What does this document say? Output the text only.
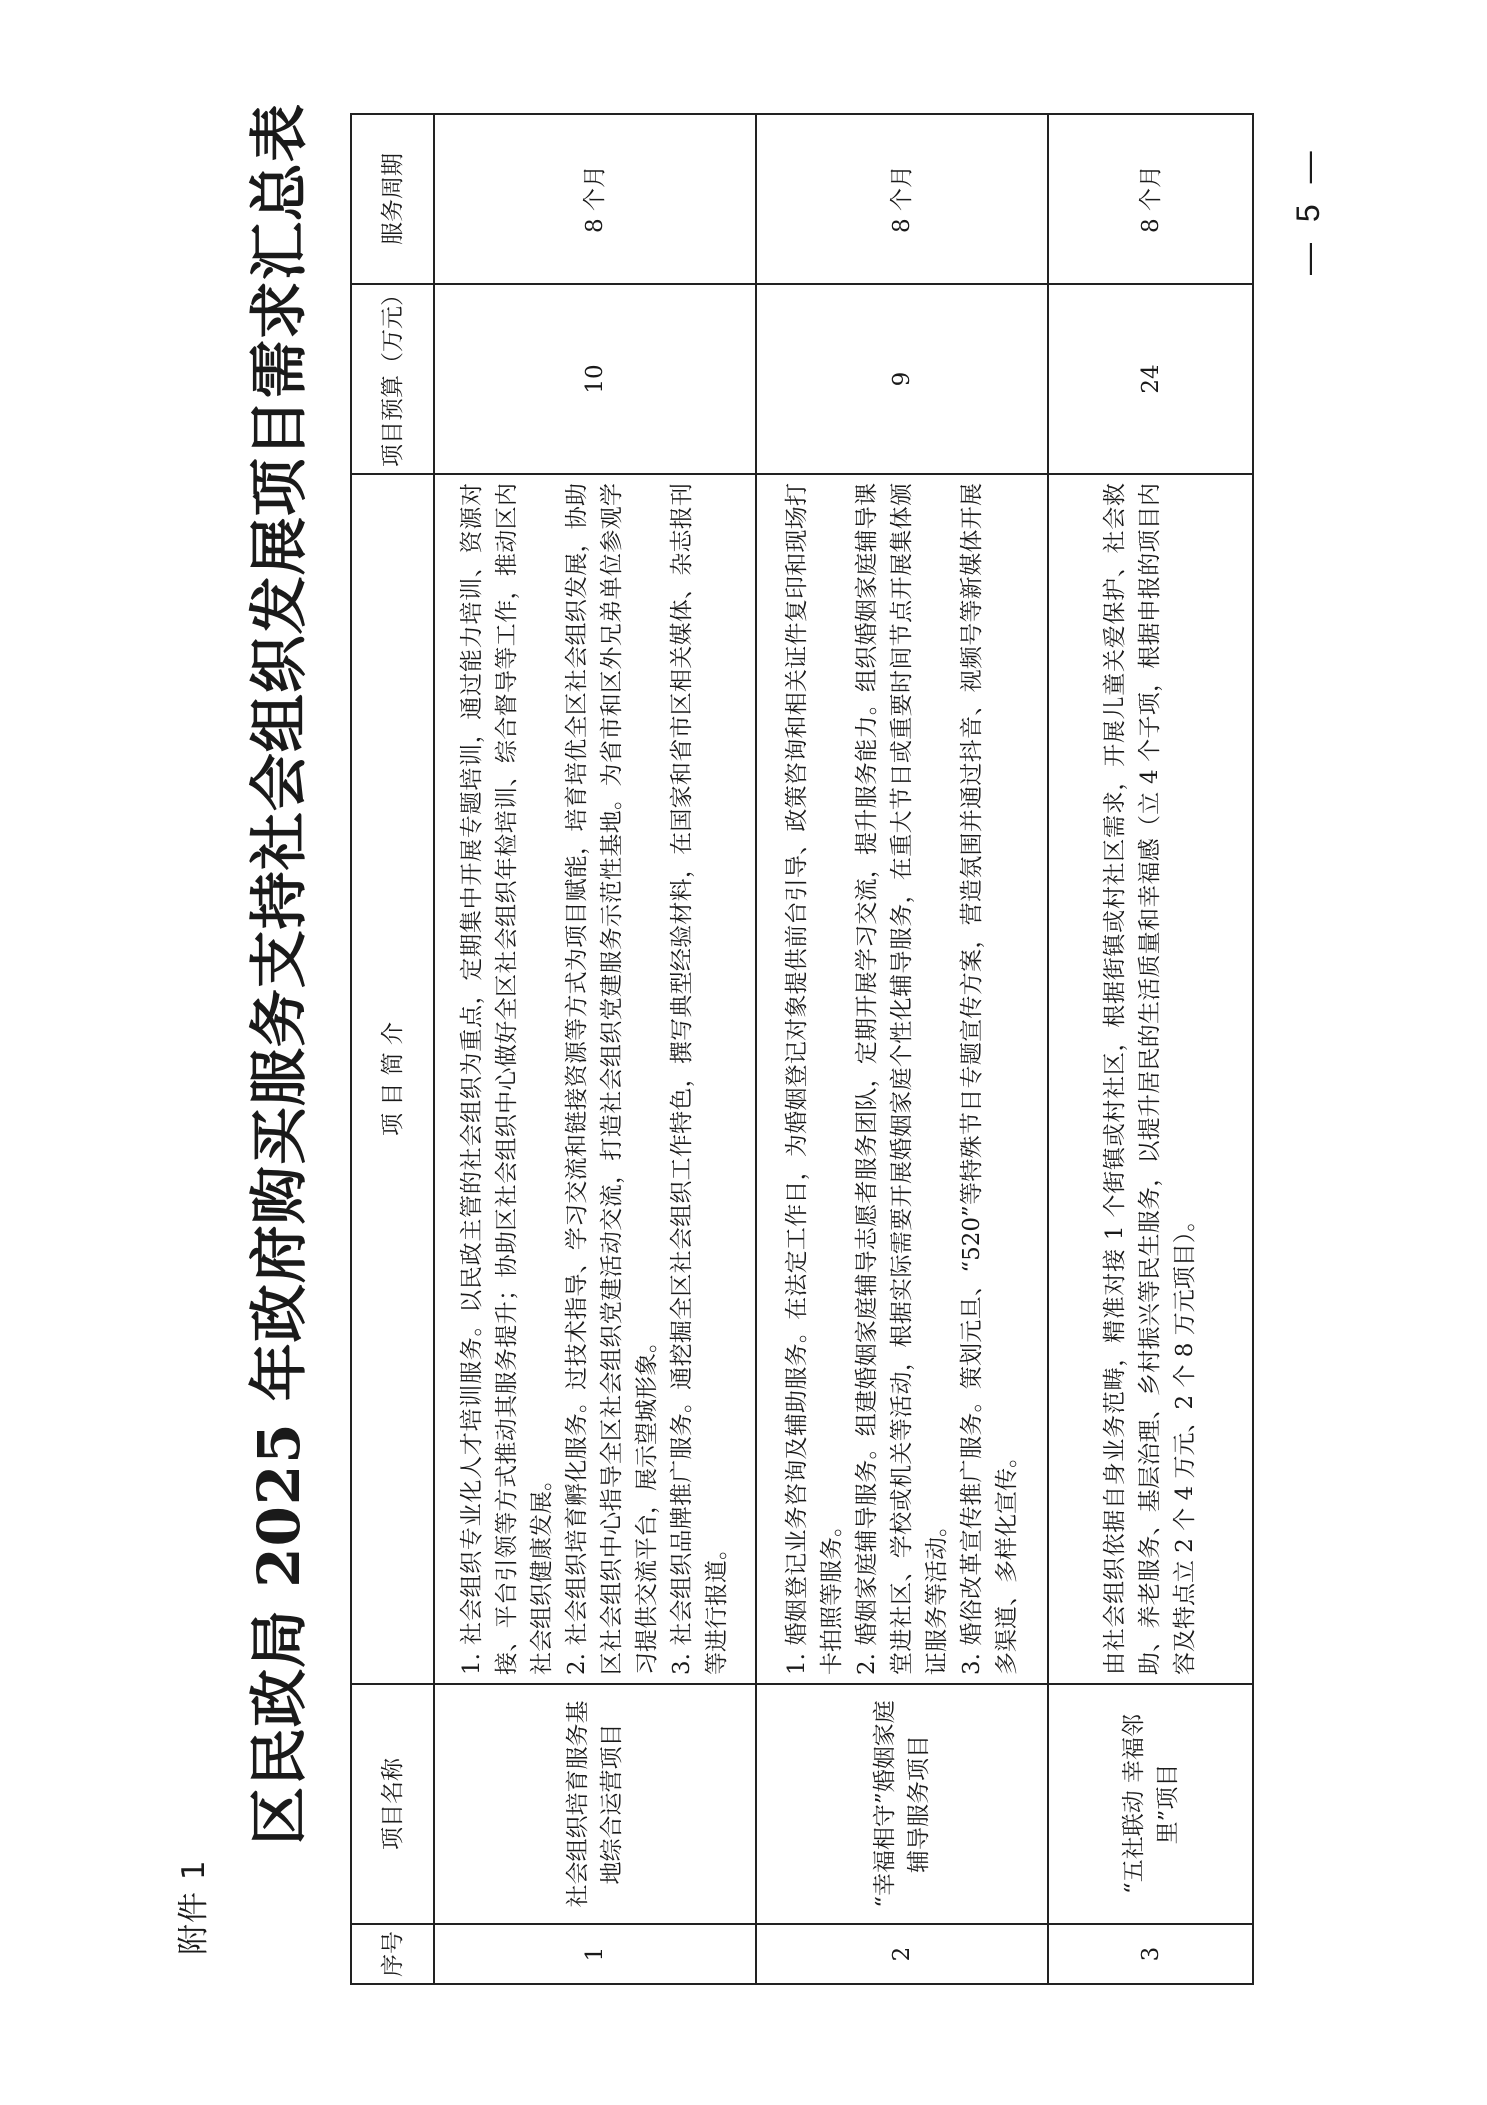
附件 1
区民政局 2025 年政府购买服务支持社会组织发展项目需求汇总表
序号	项目名称	项 目 简 介	项目预算（万元）	服务周期
1	社会组织培育服务基地综合运营项目	1. 社会组织专业化人才培训服务。以民政主管的社会组织为重点，定期集中开展专题培训，通过能力培训、资源对接、平台引领等方式推动其服务提升；协助区社会组织中心做好全区社会组织年检培训、综合督导等工作，推动区内社会组织健康发展。 2. 社会组织培育孵化服务。过技术指导、学习交流和链接资源等方式为项目赋能，培育培优全区社会组织发展，协助区社会组织中心指导全区社会组织党建活动交流，打造社会组织党建服务示范性基地。为省市和区外兄弟单位参观学习提供交流平台，展示望城形象。 3. 社会组织品牌推广服务。通挖掘全区社会组织工作特色，撰写典型经验材料，在国家和省市区相关媒体、杂志报刊等进行报道。	10	8 个月
2	“幸福相守”婚姻家庭辅导服务项目	1. 婚姻登记业务咨询及辅助服务。在法定工作日，为婚姻登记对象提供前台引导、政策咨询和相关证件复印和现场打卡拍照等服务。 2. 婚姻家庭辅导服务。组建婚姻家庭辅导志愿者服务团队，定期开展学习交流，提升服务能力。组织婚姻家庭辅导课堂进社区、学校或机关等活动，根据实际需要开展婚姻家庭个性化辅导服务，在重大节日或重要时间节点开展集体颁证服务等活动。 3. 婚俗改革宣传推广服务。策划元旦、“520”等特殊节日专题宣传方案，营造氛围并通过抖音、视频号等新媒体开展多渠道、多样化宣传。	9	8 个月
3	“五社联动 幸福邻里”项目	由社会组织依据自身业务范畴，精准对接 1 个街镇或村社区，根据街镇或村社区需求，开展儿童关爱保护、社会救助、养老服务、基层治理、乡村振兴等民生服务，以提升居民的生活质量和幸福感（立 4 个子项，根据申报的项目内容及特点立 2 个 4 万元、2 个 8 万元项目）。	24	8 个月	— 5 —
